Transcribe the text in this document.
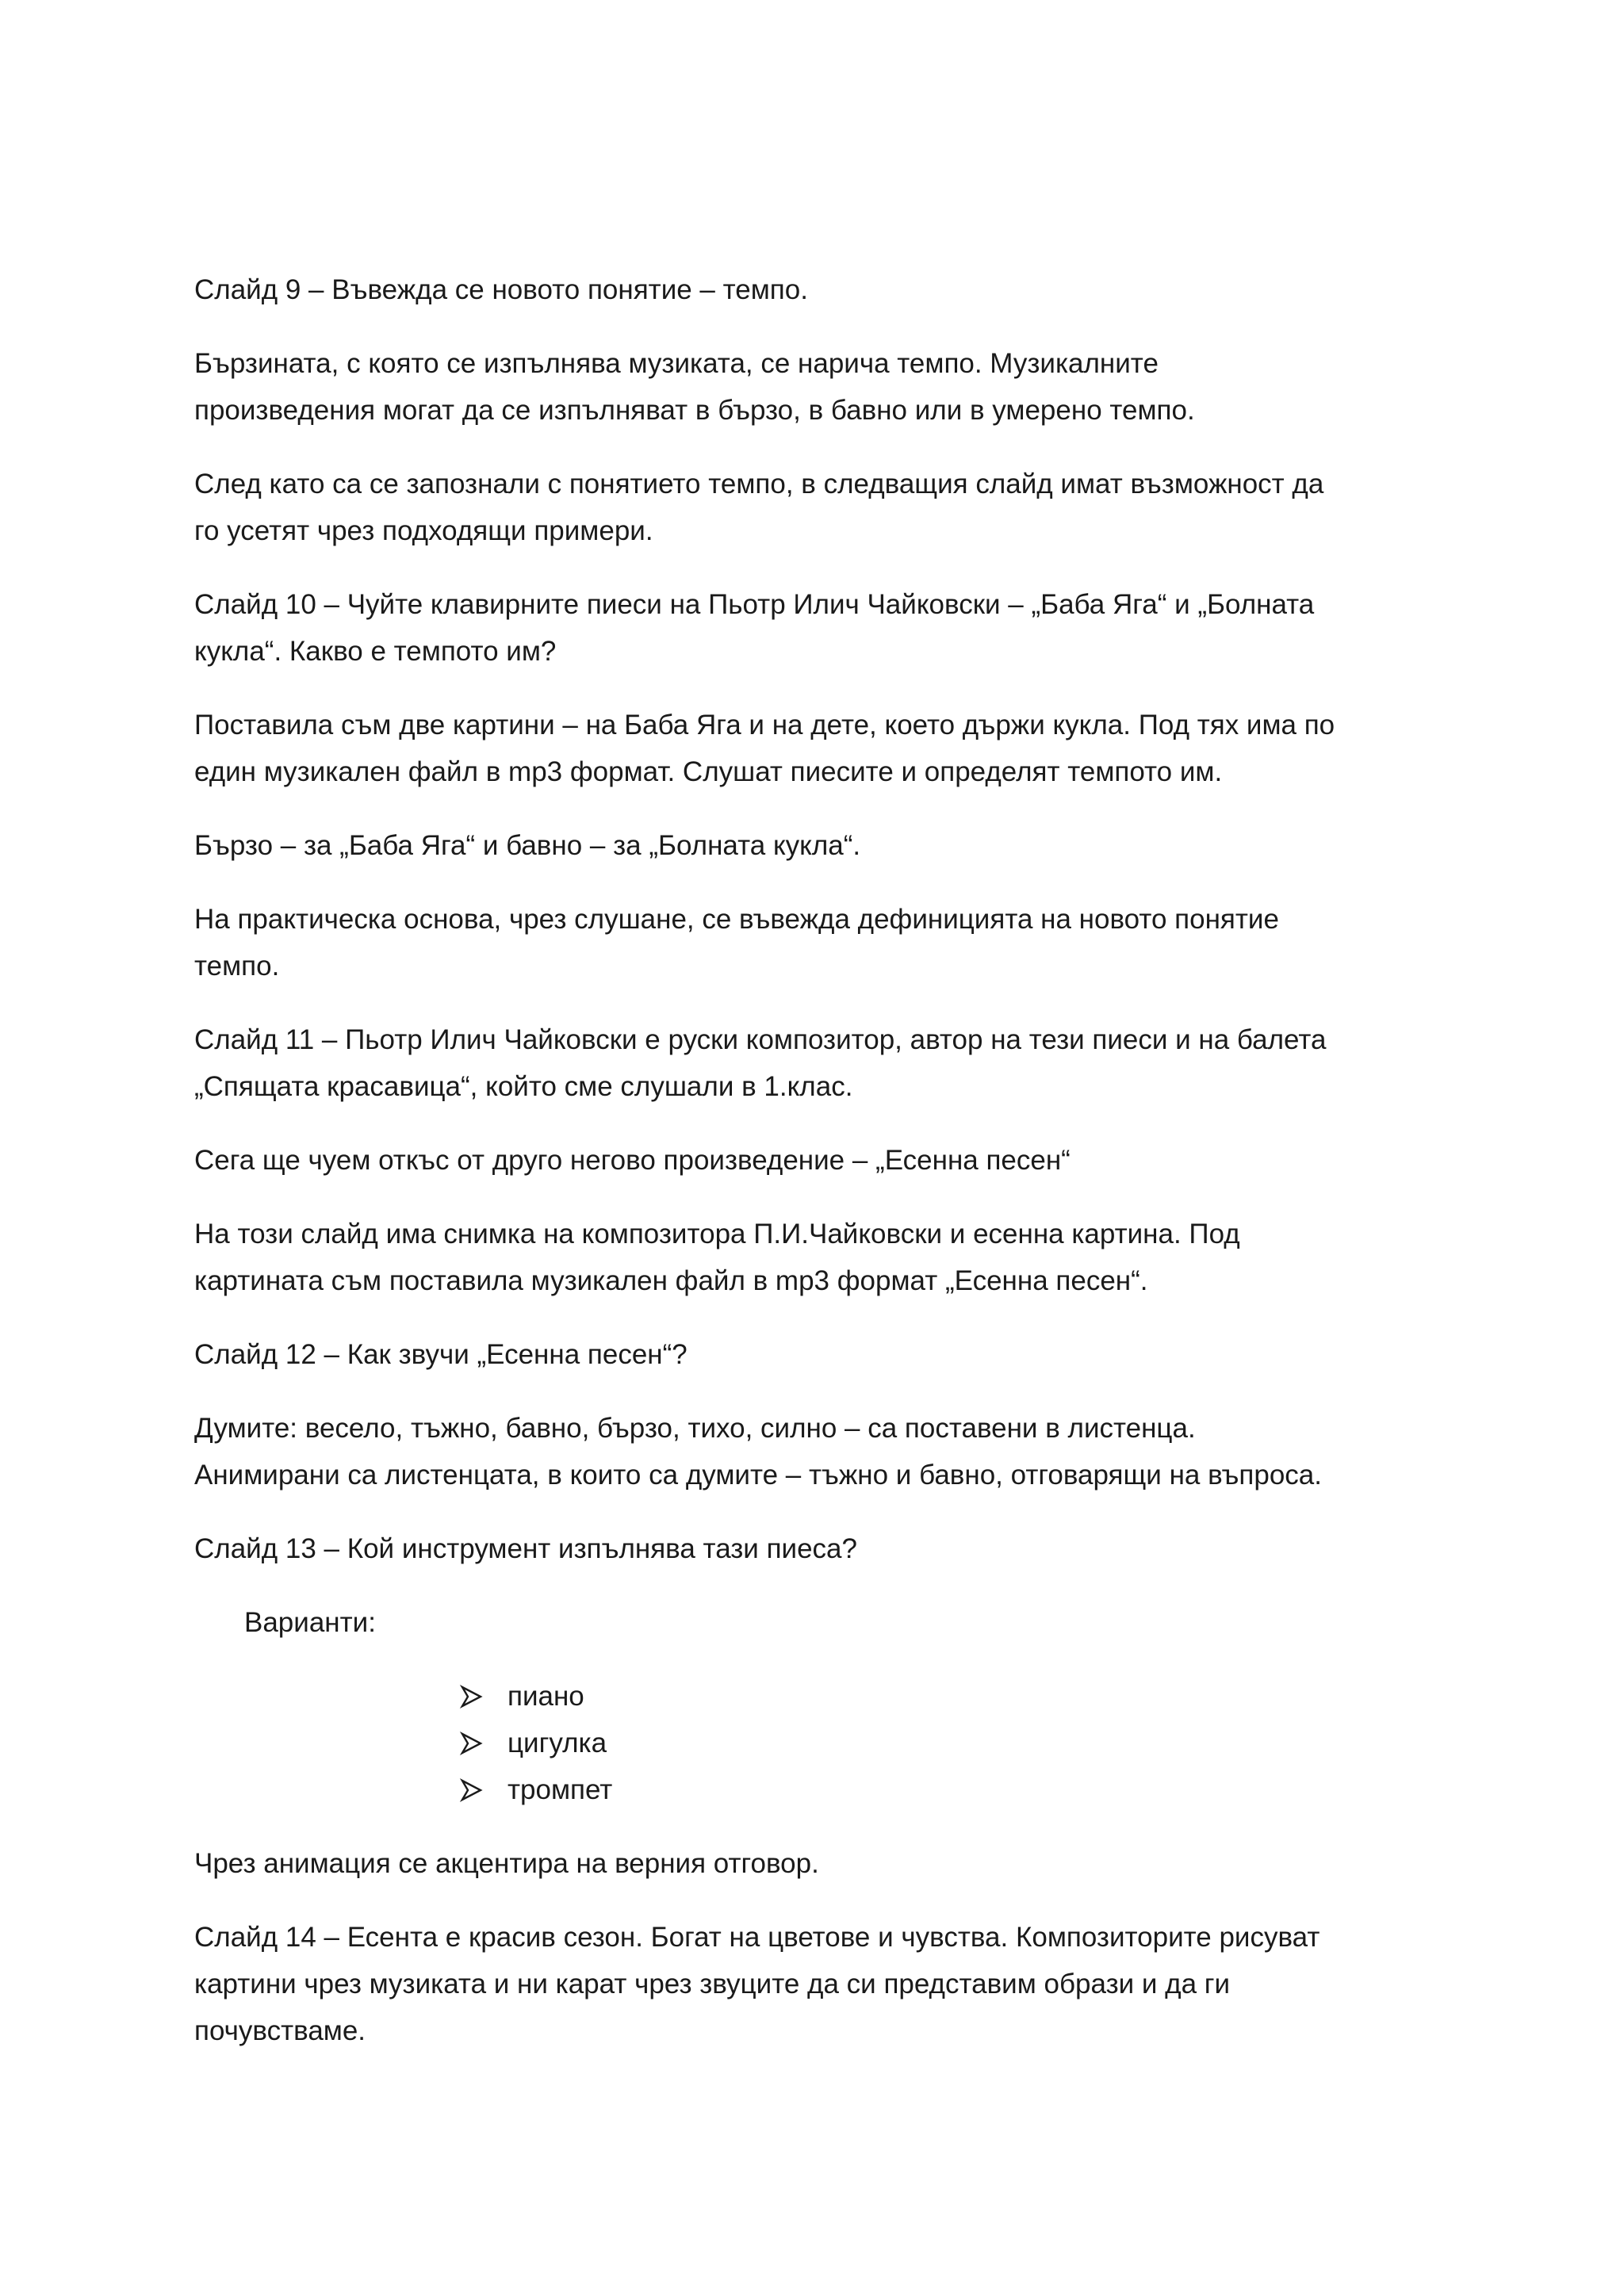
Слайд 9 – Въвежда се новото понятие – темпо.

Бързината, с която се изпълнява музиката, се нарича темпо. Музикалните
произведения могат да се изпълняват в бързо, в бавно или в умерено темпо.

След като са се запознали с понятието темпо, в следващия слайд имат възможност да
го усетят чрез подходящи примери.

Слайд 10 – Чуйте клавирните пиеси на Пьотр Илич Чайковски – „Баба Яга“ и „Болната
кукла“. Какво е темпото им?

Поставила съм две картини – на Баба Яга и на дете, което държи кукла. Под тях има по
един музикален файл в mp3 формат. Слушат пиесите и определят темпото им.

Бързо – за „Баба Яга“ и бавно – за „Болната кукла“.

На практическа основа, чрез слушане, се въвежда дефиницията на новото понятие
темпо.

Слайд 11 – Пьотр Илич Чайковски е руски композитор, автор на тези пиеси и на балета
„Спящата красавица“, който сме слушали в 1.клас.

Сега ще чуем откъс от друго негово произведение – „Есенна песен“

На този слайд има снимка на композитора П.И.Чайковски и есенна картина. Под
картината съм поставила музикален файл в mp3 формат „Есенна песен“.

Слайд 12 – Как звучи „Есенна песен“?

Думите: весело, тъжно, бавно, бързо, тихо, силно – са поставени в листенца.
Анимирани са листенцата, в които са думите – тъжно и бавно, отговарящи на въпроса.

Слайд 13 – Кой инструмент изпълнява тази пиеса?

Варианти:

пиано
цигулка
тромпет

Чрез анимация се акцентира на верния отговор.

Слайд 14 – Есента е красив сезон. Богат на цветове и чувства. Композиторите рисуват
картини чрез музиката и ни карат чрез звуците да си представим образи и да ги
почувстваме.
